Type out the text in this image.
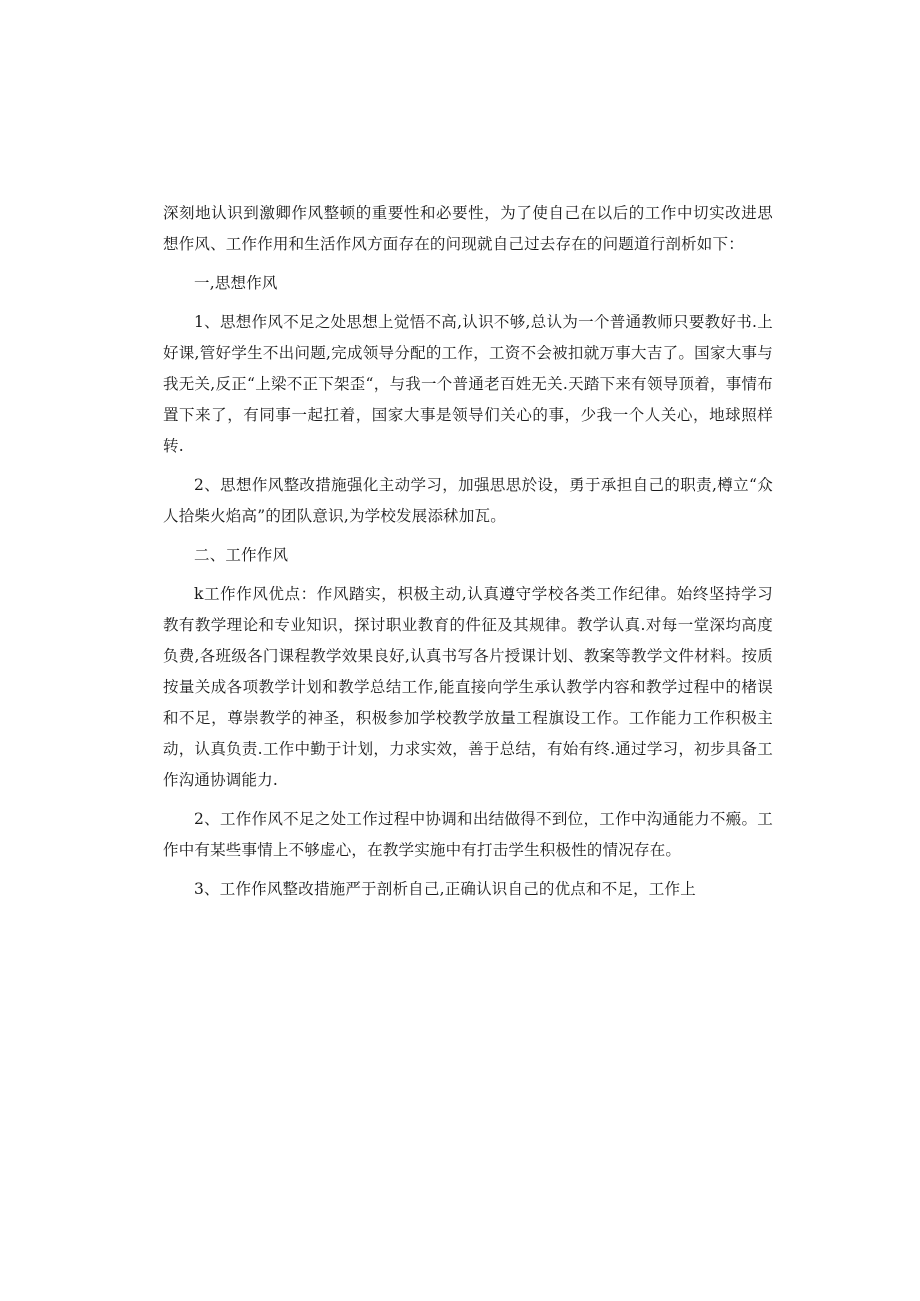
深刻地认识到激卿作风整顿的重要性和必要性，为了使自己在以后的工作中切实改进思想作风、工作作用和生活作风方面存在的问现就自己过去存在的问题道行剖析如下：

一,思想作风

1、思想作风不足之处思想上觉悟不高,认识不够,总认为一个普通教师只要教好书.上好课,管好学生不出问题,完成领导分配的工作，工资不会被扣就万事大吉了。国家大事与我无关,反正“上梁不正下架歪“，与我一个普通老百姓无关.天踏下来有领导顶着，事情布置下来了，有同事一起扛着，国家大事是领导们关心的事，少我一个人关心，地球照样转.

2、思想作风整改措施强化主动学习，加强思思於设，勇于承担自己的职责,樽立“众人拾柴火焰高”的团队意识,为学校发展添秫加瓦。

二、工作作风

k工作作风优点：作风踏实，枳极主动,认真遵守学校各类工作纪律。始终坚持学习教有教学理论和专业知识，探讨职业教育的件征及其规律。教学认真.对每一堂深均高度负费,各班级各门课程教学效果良好,认真书写各片授课计划、教案等教学文件材料。按质按量关成各项教学计划和教学总结工作,能直接向学生承认教学内容和教学过程中的楮误和不足，尊崇教学的神圣，积极参加学校教学放量工程旗设工作。工作能力工作积极主动，认真负责.工作中勤于计划，力求实效，善于总结，有始有终.通过学习，初步具备工作沟通协调能力.

2、工作作风不足之处工作过程中协调和出结做得不到位，工作中沟通能力不瘢。工作中有某些事情上不够虚心，在教学实施中有打击学生积极性的情况存在。

3、工作作风整改措施严于剖析自己,正确认识自己的优点和不足，工作上
